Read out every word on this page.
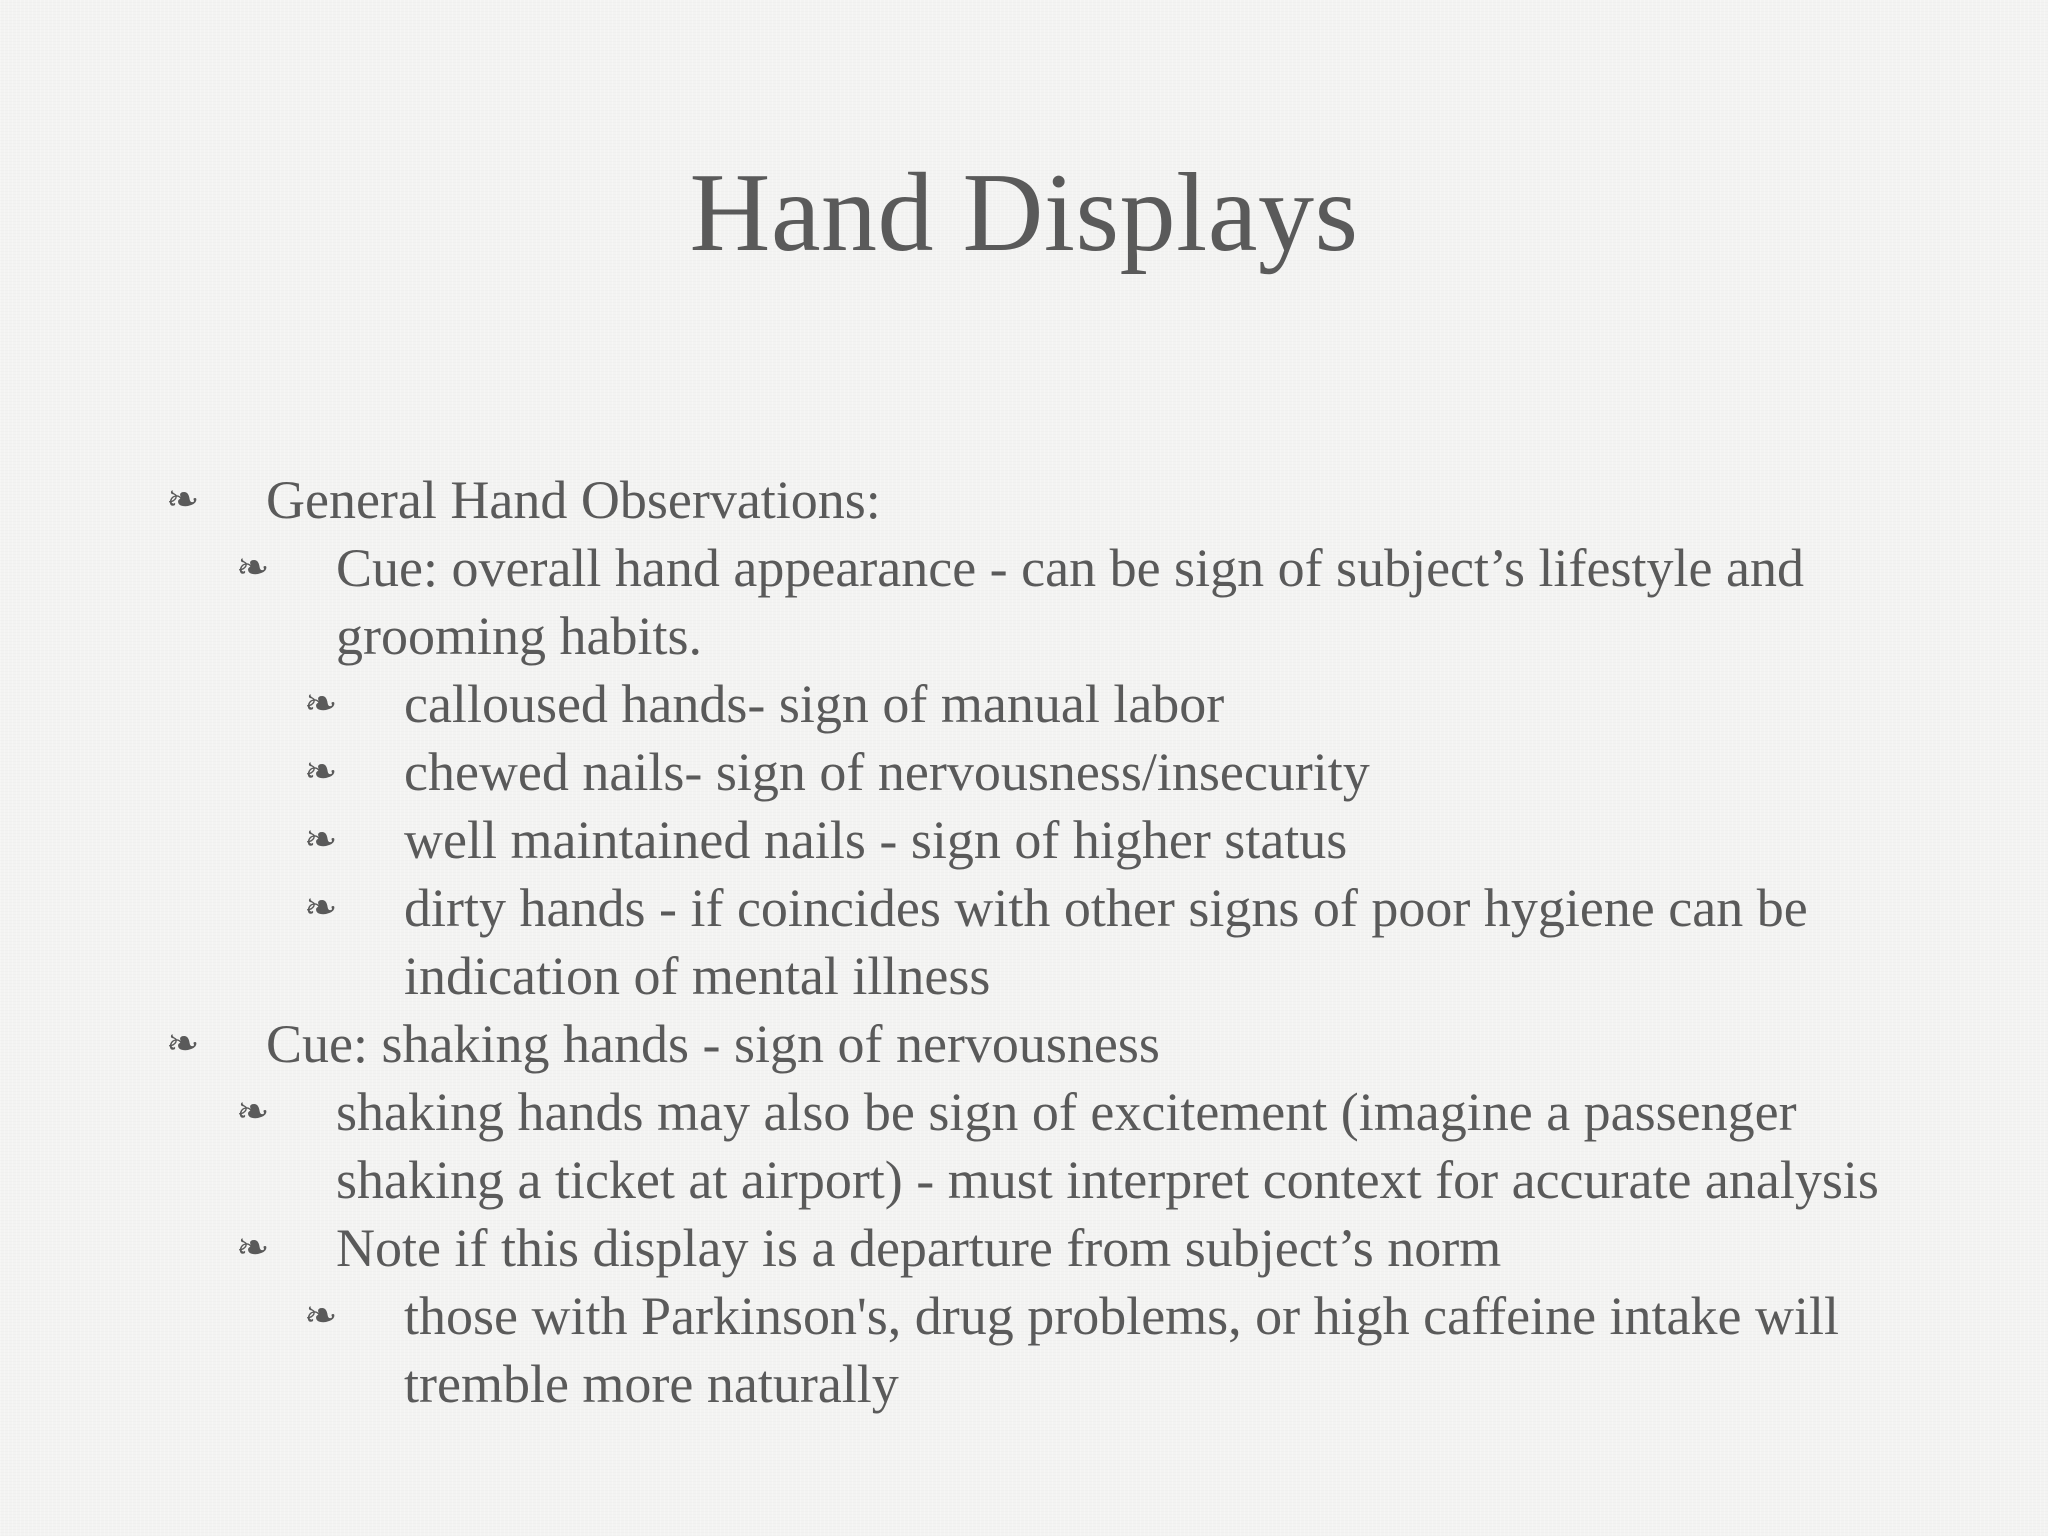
Hand Displays
❧ General Hand Observations:
❧ Cue: overall hand appearance - can be sign of subject’s lifestyle and grooming habits.
❧ calloused hands- sign of manual labor
❧ chewed nails- sign of nervousness/insecurity
❧ well maintained nails - sign of higher status
❧ dirty hands - if coincides with other signs of poor hygiene can be indication of mental illness
❧ Cue: shaking hands - sign of nervousness
❧ shaking hands may also be sign of excitement (imagine a passenger shaking a ticket at airport) - must interpret context for accurate analysis
❧ Note if this display is a departure from subject’s norm
❧ those with Parkinson's, drug problems, or high caffeine intake will tremble more naturally
